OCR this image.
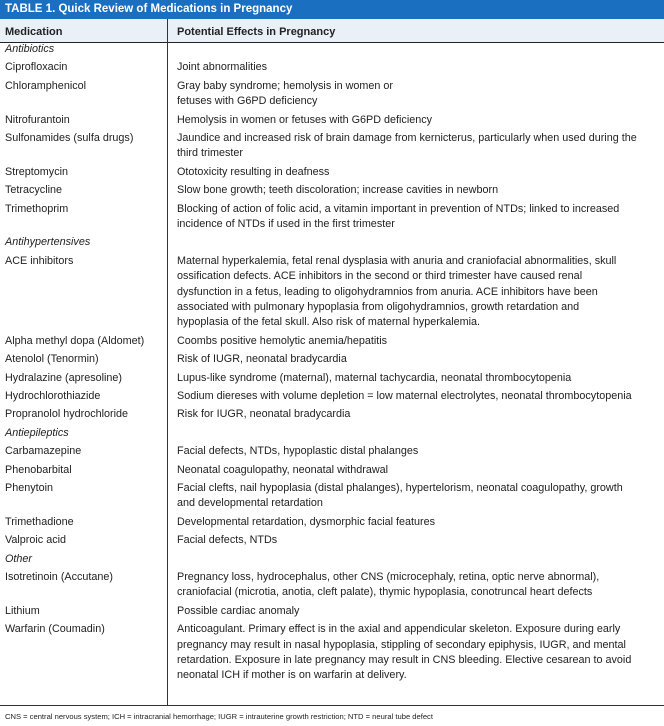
TABLE 1. Quick Review of Medications in Pregnancy
Medication	Potential Effects in Pregnancy
Antibiotics
Ciprofloxacin	Joint abnormalities
Chloramphenicol	Gray baby syndrome; hemolysis in women or
fetuses with G6PD deficiency
Nitrofurantoin	Hemolysis in women or fetuses with G6PD deficiency
Sulfonamides (sulfa drugs)	Jaundice and increased risk of brain damage from kernicterus, particularly when used during the
third trimester
Streptomycin	Ototoxicity resulting in deafness
Tetracycline	Slow bone growth; teeth discoloration; increase cavities in newborn
Trimethoprim	Blocking of action of folic acid, a vitamin important in prevention of NTDs; linked to increased
incidence of NTDs if used in the first trimester
Antihypertensives
ACE inhibitors	Maternal hyperkalemia, fetal renal dysplasia with anuria and craniofacial abnormalities, skull
ossification defects. ACE inhibitors in the second or third trimester have caused renal
dysfunction in a fetus, leading to oligohydramnios from anuria. ACE inhibitors have been
associated with pulmonary hypoplasia from oligohydramnios, growth retardation and
hypoplasia of the fetal skull. Also risk of maternal hyperkalemia.
Alpha methyl dopa (Aldomet)	Coombs positive hemolytic anemia/hepatitis
Atenolol (Tenormin)	Risk of IUGR, neonatal bradycardia
Hydralazine (apresoline)	Lupus-like syndrome (maternal), maternal tachycardia, neonatal thrombocytopenia
Hydrochlorothiazide	Sodium diereses with volume depletion = low maternal electrolytes, neonatal thrombocytopenia
Propranolol hydrochloride	Risk for IUGR, neonatal bradycardia
Antiepileptics
Carbamazepine	Facial defects, NTDs, hypoplastic distal phalanges
Phenobarbital	Neonatal coagulopathy, neonatal withdrawal
Phenytoin	Facial clefts, nail hypoplasia (distal phalanges), hypertelorism, neonatal coagulopathy, growth
and developmental retardation
Trimethadione	Developmental retardation, dysmorphic facial features
Valproic acid	Facial defects, NTDs
Other
Isotretinoin (Accutane)	Pregnancy loss, hydrocephalus, other CNS (microcephaly, retina, optic nerve abnormal),
craniofacial (microtia, anotia, cleft palate), thymic hypoplasia, conotruncal heart defects
Lithium	Possible cardiac anomaly
Warfarin (Coumadin)	Anticoagulant. Primary effect is in the axial and appendicular skeleton. Exposure during early
pregnancy may result in nasal hypoplasia, stippling of secondary epiphysis, IUGR, and mental
retardation. Exposure in late pregnancy may result in CNS bleeding. Elective cesarean to avoid
neonatal ICH if mother is on warfarin at delivery.
CNS = central nervous system; ICH = intracranial hemorrhage; IUGR = intrauterine growth restriction; NTD = neural tube defect
